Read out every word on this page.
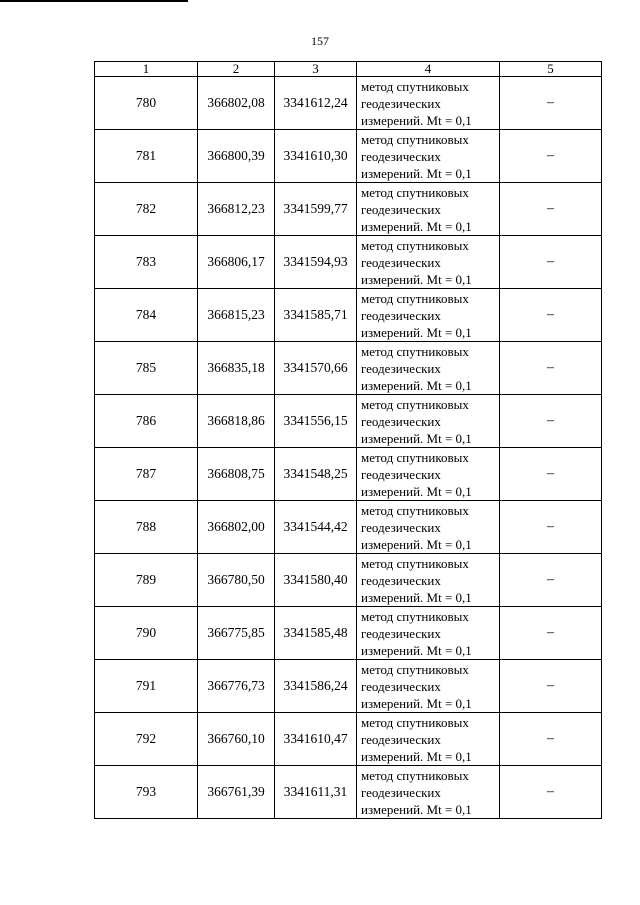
157
1	2	3	4	5
780	366802,08	3341612,24	метод спутниковых
геодезических
измерений. Mt = 0,1	–
781	366800,39	3341610,30	метод спутниковых
геодезических
измерений. Mt = 0,1	–
782	366812,23	3341599,77	метод спутниковых
геодезических
измерений. Mt = 0,1	–
783	366806,17	3341594,93	метод спутниковых
геодезических
измерений. Mt = 0,1	–
784	366815,23	3341585,71	метод спутниковых
геодезических
измерений. Mt = 0,1	–
785	366835,18	3341570,66	метод спутниковых
геодезических
измерений. Mt = 0,1	–
786	366818,86	3341556,15	метод спутниковых
геодезических
измерений. Mt = 0,1	–
787	366808,75	3341548,25	метод спутниковых
геодезических
измерений. Mt = 0,1	–
788	366802,00	3341544,42	метод спутниковых
геодезических
измерений. Mt = 0,1	–
789	366780,50	3341580,40	метод спутниковых
геодезических
измерений. Mt = 0,1	–
790	366775,85	3341585,48	метод спутниковых
геодезических
измерений. Mt = 0,1	–
791	366776,73	3341586,24	метод спутниковых
геодезических
измерений. Mt = 0,1	–
792	366760,10	3341610,47	метод спутниковых
геодезических
измерений. Mt = 0,1	–
793	366761,39	3341611,31	метод спутниковых
геодезических
измерений. Mt = 0,1	–
